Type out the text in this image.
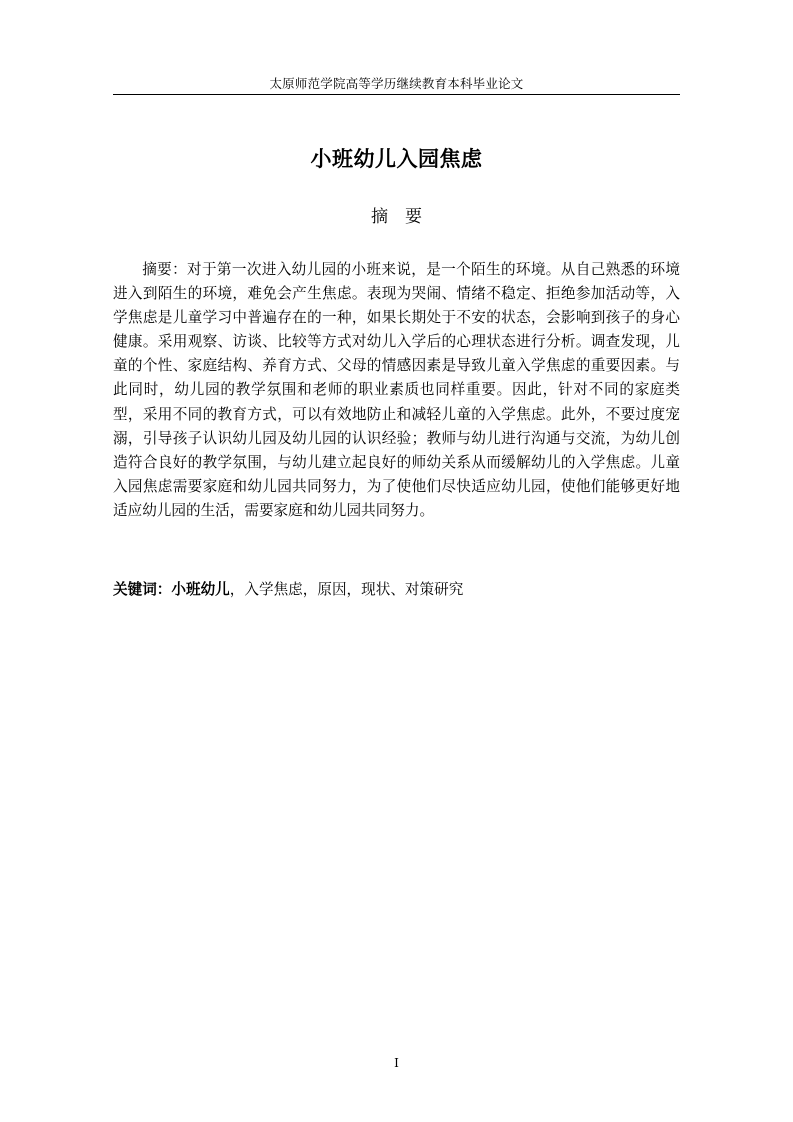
太原师范学院高等学历继续教育本科毕业论文
小班幼儿入园焦虑
摘要

摘要：对于第一次进入幼儿园的小班来说，是一个陌生的环境。从自己熟悉的环境进入到陌生的环境，难免会产生焦虑。表现为哭闹、情绪不稳定、拒绝参加活动等，入学焦虑是儿童学习中普遍存在的一种，如果长期处于不安的状态，会影响到孩子的身心健康。采用观察、访谈、比较等方式对幼儿入学后的心理状态进行分析。调查发现，儿童的个性、家庭结构、养育方式、父母的情感因素是导致儿童入学焦虑的重要因素。与此同时，幼儿园的教学氛围和老师的职业素质也同样重要。因此，针对不同的家庭类型，采用不同的教育方式，可以有效地防止和减轻儿童的入学焦虑。此外，不要过度宠溺，引导孩子认识幼儿园及幼儿园的认识经验；教师与幼儿进行沟通与交流，为幼儿创造符合良好的教学氛围，与幼儿建立起良好的师幼关系从而缓解幼儿的入学焦虑。儿童入园焦虑需要家庭和幼儿园共同努力，为了使他们尽快适应幼儿园，使他们能够更好地适应幼儿园的生活，需要家庭和幼儿园共同努力。

关键词：小班幼儿，入学焦虑，原因，现状、对策研究

I
